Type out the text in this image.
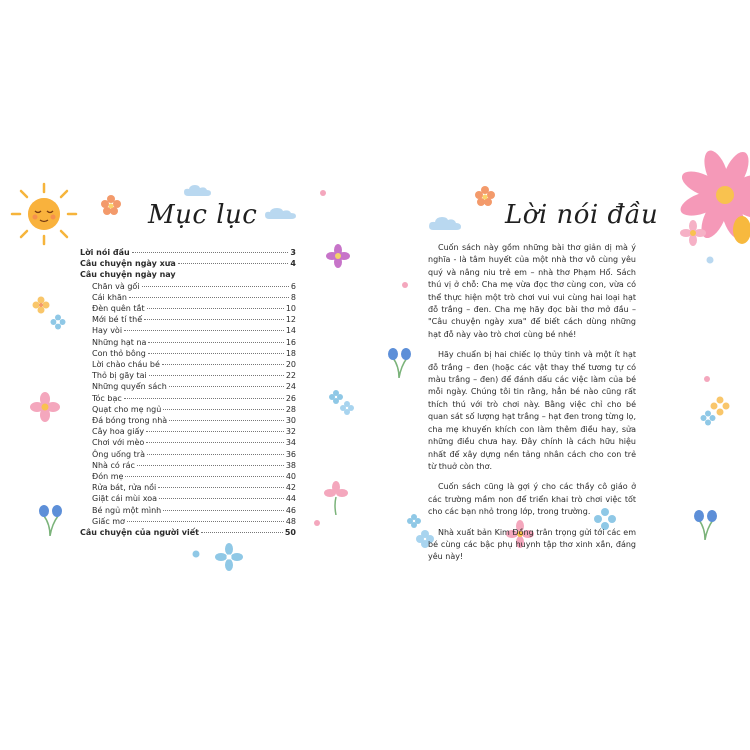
Mục lục
Lời nói đầu	3
Câu chuyện ngày xưa	4
Câu chuyện ngày nay
Chăn và gối	6
Cái khăn	8
Đèn quên tắt	10
Mới bé tí thế	12
Hay vòi	14
Những hạt na	16
Con thỏ bông	18
Lời chào cháu bé	20
Thỏ bị gãy tai	22
Những quyển sách	24
Tóc bạc	26
Quạt cho mẹ ngủ	28
Đá bóng trong nhà	30
Cây hoa giấy	32
Chơi với mèo	34
Ông uống trà	36
Nhà có rác	38
Đón mẹ	40
Rửa bát, rửa nồi	42
Giặt cái mùi xoa	44
Bé ngủ một mình	46
Giấc mơ	48
Câu chuyện của người viết	50
Lời nói đầu

Cuốn sách này gồm những bài thơ giản dị mà ý nghĩa - là tâm huyết của một nhà thơ vô cùng yêu quý và nâng niu trẻ em – nhà thơ Phạm Hổ. Sách thú vị ở chỗ: Cha mẹ vừa đọc thơ cùng con, vừa có thể thực hiện một trò chơi vui vui cùng hai loại hạt đỗ trắng – đen. Cha mẹ hãy đọc bài thơ mở đầu – "Câu chuyện ngày xưa" để biết cách dùng những hạt đỗ này vào trò chơi cùng bé nhé!

Hãy chuẩn bị hai chiếc lọ thủy tinh và một ít hạt đỗ trắng – đen (hoặc các vật thay thế tương tự có màu trắng – đen) để đánh dấu các việc làm của bé mỗi ngày. Chúng tôi tin rằng, hẳn bé nào cũng rất thích thú với trò chơi này. Bằng việc chỉ cho bé quan sát số lượng hạt trắng – hạt đen trong từng lọ, cha mẹ khuyến khích con làm thêm điều hay, sửa những điều chưa hay. Đây chính là cách hữu hiệu nhất để xây dựng nền tảng nhân cách cho con trẻ từ thuở còn thơ.

Cuốn sách cũng là gợi ý cho các thầy cô giáo ở các trường mầm non để triển khai trò chơi việc tốt cho các bạn nhỏ trong lớp, trong trường.

Nhà xuất bản Kim Đồng trân trọng gửi tới các em bé cùng các bậc phụ huynh tập thơ xinh xắn, đáng yêu này!
